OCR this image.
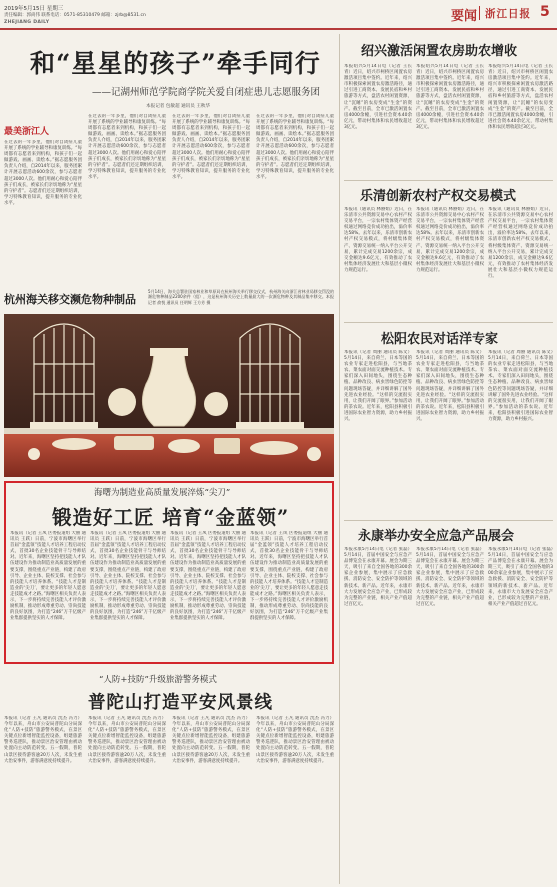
2019年5月15日 星期三
责任编辑：郭尚伟 联系电话：0571-85310479 邮箱：zjrb@8531.cn
ZHEJIANG DAILY	要闻 浙江日报 5
和“星星的孩子”牵手同行
——记湖州师范学院商学院关爱自闭症患儿志愿服务团
本报记者 包敏超 通讯员 王秋华
最美浙江人
在过去的一年多里，他们对自闭症儿童开展了系统的学业辅导和康复训练。“每周都有志愿者来到机构，和孩子们一起做游戏、画画、读绘本。”据志愿服务团负责人介绍，自2014年以来，服务团累计开展志愿活动600余次，参与志愿者超过3000人次。他们用耐心和爱心陪伴孩子们成长，被家长们亲切地称为“星星的守护者”。志愿者们还定期组织培训，学习特殊教育知识，提升服务的专业化水平。
在过去的一年多里，他们对自闭症儿童开展了系统的学业辅导和康复训练。“每周都有志愿者来到机构，和孩子们一起做游戏、画画、读绘本。”据志愿服务团负责人介绍，自2014年以来，服务团累计开展志愿活动600余次，参与志愿者超过3000人次。他们用耐心和爱心陪伴孩子们成长，被家长们亲切地称为“星星的守护者”。志愿者们还定期组织培训，学习特殊教育知识，提升服务的专业化水平。
在过去的一年多里，他们对自闭症儿童开展了系统的学业辅导和康复训练。“每周都有志愿者来到机构，和孩子们一起做游戏、画画、读绘本。”据志愿服务团负责人介绍，自2014年以来，服务团累计开展志愿活动600余次，参与志愿者超过3000人次。他们用耐心和爱心陪伴孩子们成长，被家长们亲切地称为“星星的守护者”。志愿者们还定期组织培训，学习特殊教育知识，提升服务的专业化水平。
在过去的一年多里，他们对自闭症儿童开展了系统的学业辅导和康复训练。“每周都有志愿者来到机构，和孩子们一起做游戏、画画、读绘本。”据志愿服务团负责人介绍，自2014年以来，服务团累计开展志愿活动600余次，参与志愿者超过3000人次。他们用耐心和爱心陪伴孩子们成长，被家长们亲切地称为“星星的守护者”。志愿者们还定期组织培训，学习特殊教育知识，提升服务的专业化水平。
杭州海关移交濒危物种制品
5月14日，海关总署驻国家林业和草原局在杭州海关举行移交仪式，杭州海关向浙江省林业局移交罚没的濒危物种制品2200余件（组），这是杭州海关历史上数量最大的一次濒危物种及其制品集中移交。本报记者 俞悦 通讯员 任明辉 王方芳 摄
海曙为制造业高质量发展淬炼“尖刀”
锻造好工匠 培育“金蓝领”
本报讯（记者 王凤 区委报道组 大丽 通讯员 王跃）日前，宁波市海曙区举行首届“金蓝领”技能人才培养工程启动仪式，首批30名企业技能骨干与导师结对。近年来，海曙区坚持把技能人才队伍建设作为推动制造业高质量发展的重要支撑，围绕重点产业链，构建了政府引导、企业主体、院校支撑、社会参与的技能人才培养体系。“技能人才是制造业的‘尖刀’，要让更多的年轻人愿意走技能成才之路。”海曙区相关负责人表示，下一步将持续完善技能人才评价激励机制，推动形成尊重劳动、崇尚技能的良好氛围，为打造“246”万千亿级产业集群提供坚实的人才保障。
本报讯（记者 王凤 区委报道组 大丽 通讯员 王跃）日前，宁波市海曙区举行首届“金蓝领”技能人才培养工程启动仪式，首批30名企业技能骨干与导师结对。近年来，海曙区坚持把技能人才队伍建设作为推动制造业高质量发展的重要支撑，围绕重点产业链，构建了政府引导、企业主体、院校支撑、社会参与的技能人才培养体系。“技能人才是制造业的‘尖刀’，要让更多的年轻人愿意走技能成才之路。”海曙区相关负责人表示，下一步将持续完善技能人才评价激励机制，推动形成尊重劳动、崇尚技能的良好氛围，为打造“246”万千亿级产业集群提供坚实的人才保障。
本报讯（记者 王凤 区委报道组 大丽 通讯员 王跃）日前，宁波市海曙区举行首届“金蓝领”技能人才培养工程启动仪式，首批30名企业技能骨干与导师结对。近年来，海曙区坚持把技能人才队伍建设作为推动制造业高质量发展的重要支撑，围绕重点产业链，构建了政府引导、企业主体、院校支撑、社会参与的技能人才培养体系。“技能人才是制造业的‘尖刀’，要让更多的年轻人愿意走技能成才之路。”海曙区相关负责人表示，下一步将持续完善技能人才评价激励机制，推动形成尊重劳动、崇尚技能的良好氛围，为打造“246”万千亿级产业集群提供坚实的人才保障。
本报讯（记者 王凤 区委报道组 大丽 通讯员 王跃）日前，宁波市海曙区举行首届“金蓝领”技能人才培养工程启动仪式，首批30名企业技能骨干与导师结对。近年来，海曙区坚持把技能人才队伍建设作为推动制造业高质量发展的重要支撑，围绕重点产业链，构建了政府引导、企业主体、院校支撑、社会参与的技能人才培养体系。“技能人才是制造业的‘尖刀’，要让更多的年轻人愿意走技能成才之路。”海曙区相关负责人表示，下一步将持续完善技能人才评价激励机制，推动形成尊重劳动、崇尚技能的良好氛围，为打造“246”万千亿级产业集群提供坚实的人才保障。
“人防+技防”升级旅游警务模式
普陀山打造平安风景线
本报讯（记者 王凡 通讯员 沈杰 冯力）今年以来，舟山市公安局普陀山分局深化“人防+技防”旅游警务模式，在景区关键点位新增智能监控设备，组建旅游警务巡逻队，推动景区治安管理由被动处置向主动防范转变。五一假期，普陀山景区接待游客逾20万人次，未发生重大治安事件，游客满意度持续提升。
本报讯（记者 王凡 通讯员 沈杰 冯力）今年以来，舟山市公安局普陀山分局深化“人防+技防”旅游警务模式，在景区关键点位新增智能监控设备，组建旅游警务巡逻队，推动景区治安管理由被动处置向主动防范转变。五一假期，普陀山景区接待游客逾20万人次，未发生重大治安事件，游客满意度持续提升。
本报讯（记者 王凡 通讯员 沈杰 冯力）今年以来，舟山市公安局普陀山分局深化“人防+技防”旅游警务模式，在景区关键点位新增智能监控设备，组建旅游警务巡逻队，推动景区治安管理由被动处置向主动防范转变。五一假期，普陀山景区接待游客逾20万人次，未发生重大治安事件，游客满意度持续提升。
本报讯（记者 王凡 通讯员 沈杰 冯力）今年以来，舟山市公安局普陀山分局深化“人防+技防”旅游警务模式，在景区关键点位新增智能监控设备，组建旅游警务巡逻队，推动景区治安管理由被动处置向主动防范转变。五一假期，普陀山景区接待游客逾20万人次，未发生重大治安事件，游客满意度持续提升。
绍兴激活闲置农房助农增收
本报绍兴5月14日电（记者 王长青）近日，绍兴市柯桥区闲置农房激活项目集中签约。近年来，绍兴市积极探索闲置农房激活路径，通过引进工商资本、发展民宿和乡村旅游等方式，盘活农村闲置资源，让“沉睡”的农房变成“生金”的资产。截至目前，全市已激活闲置农房4000余幢，引进社会资本40余亿元，带动村集体和农民增收超过3亿元。
本报绍兴5月14日电（记者 王长青）近日，绍兴市柯桥区闲置农房激活项目集中签约。近年来，绍兴市积极探索闲置农房激活路径，通过引进工商资本、发展民宿和乡村旅游等方式，盘活农村闲置资源，让“沉睡”的农房变成“生金”的资产。截至目前，全市已激活闲置农房4000余幢，引进社会资本40余亿元，带动村集体和农民增收超过3亿元。
本报绍兴5月14日电（记者 王长青）近日，绍兴市柯桥区闲置农房激活项目集中签约。近年来，绍兴市积极探索闲置农房激活路径，通过引进工商资本、发展民宿和乡村旅游等方式，盘活农村闲置资源，让“沉睡”的农房变成“生金”的资产。截至目前，全市已激活闲置农房4000余幢，引进社会资本40余亿元，带动村集体和农民增收超过3亿元。
乐清创新农村产权交易模式
本报讯（通讯员 林丽娟）近日，在乐清市公共资源交易中心农村产权交易平台，一宗农村集体资产经营权通过网络竞价成功拍出，溢价率达58%。去年以来，乐清市创新农村产权交易模式，将村级集体资产、资源交易统一纳入平台公开交易，累计完成交易1200余宗，成交金额达9.6亿元，有效推动了农村集体经济发展壮大和基层小微权力规范运行。
本报讯（通讯员 林丽娟）近日，在乐清市公共资源交易中心农村产权交易平台，一宗农村集体资产经营权通过网络竞价成功拍出，溢价率达58%。去年以来，乐清市创新农村产权交易模式，将村级集体资产、资源交易统一纳入平台公开交易，累计完成交易1200余宗，成交金额达9.6亿元，有效推动了农村集体经济发展壮大和基层小微权力规范运行。
本报讯（通讯员 林丽娟）近日，在乐清市公共资源交易中心农村产权交易平台，一宗农村集体资产经营权通过网络竞价成功拍出，溢价率达58%。去年以来，乐清市创新农村产权交易模式，将村级集体资产、资源交易统一纳入平台公开交易，累计完成交易1200余宗，成交金额达9.6亿元，有效推动了农村集体经济发展壮大和基层小微权力规范运行。
松阳农民对话洋专家
本报讯（记者 周丽 通讯员 陈文）5月14日，来自荷兰、日本等国的农业专家走进松阳县，与当地茶农、菜农面对面交流种植技术。专家们深入田间地头，围绕生态种植、品种改良、病虫害绿色防控等问题现场答疑，并详细讲解了国外先进农业经验。“这样的交流很实用，让我们开阔了眼界。”参加活动的茶农说。近年来，松阳县积极引进国际农业智力资源，助力乡村振兴。
本报讯（记者 周丽 通讯员 陈文）5月14日，来自荷兰、日本等国的农业专家走进松阳县，与当地茶农、菜农面对面交流种植技术。专家们深入田间地头，围绕生态种植、品种改良、病虫害绿色防控等问题现场答疑，并详细讲解了国外先进农业经验。“这样的交流很实用，让我们开阔了眼界。”参加活动的茶农说。近年来，松阳县积极引进国际农业智力资源，助力乡村振兴。
本报讯（记者 周丽 通讯员 陈文）5月14日，来自荷兰、日本等国的农业专家走进松阳县，与当地茶农、菜农面对面交流种植技术。专家们深入田间地头，围绕生态种植、品种改良、病虫害绿色防控等问题现场答疑，并详细讲解了国外先进农业经验。“这样的交流很实用，让我们开阔了眼界。”参加活动的茶农说。近年来，松阳县积极引进国际农业智力资源，助力乡村振兴。
永康举办安全应急产品展会
本报永康5月14日电（记者 张磊）5月14日，首届中国安全与应急产品博览会在永康开幕。展会为期三天，吸引了来自全国各地的300余家企业参展，集中展示了应急救援、消防安全、安全防护等领域的新技术、新产品。近年来，永康市大力发展安全应急产业，已形成较为完整的产业链，相关产业产值超过百亿元。
本报永康5月14日电（记者 张磊）5月14日，首届中国安全与应急产品博览会在永康开幕。展会为期三天，吸引了来自全国各地的300余家企业参展，集中展示了应急救援、消防安全、安全防护等领域的新技术、新产品。近年来，永康市大力发展安全应急产业，已形成较为完整的产业链，相关产业产值超过百亿元。
本报永康5月14日电（记者 张磊）5月14日，首届中国安全与应急产品博览会在永康开幕。展会为期三天，吸引了来自全国各地的300余家企业参展，集中展示了应急救援、消防安全、安全防护等领域的新技术、新产品。近年来，永康市大力发展安全应急产业，已形成较为完整的产业链，相关产业产值超过百亿元。
